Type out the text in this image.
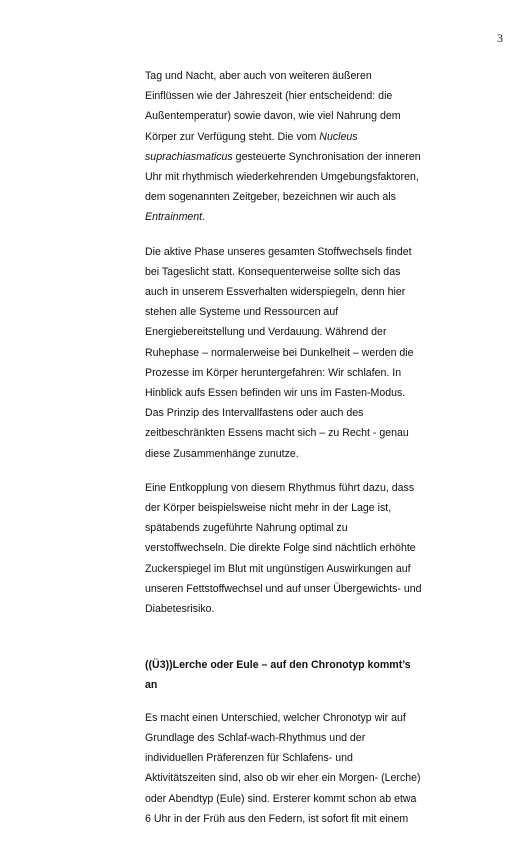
3
Tag und Nacht, aber auch von weiteren äußeren
Einflüssen wie der Jahreszeit (hier entscheidend: die
Außentemperatur) sowie davon, wie viel Nahrung dem
Körper zur Verfügung steht. Die vom Nucleus
suprachiasmaticus gesteuerte Synchronisation der inneren
Uhr mit rhythmisch wiederkehrenden Umgebungsfaktoren,
dem sogenannten Zeitgeber, bezeichnen wir auch als
Entrainment.
Die aktive Phase unseres gesamten Stoffwechsels findet
bei Tageslicht statt. Konsequenterweise sollte sich das
auch in unserem Essverhalten widerspiegeln, denn hier
stehen alle Systeme und Ressourcen auf
Energiebereitstellung und Verdauung. Während der
Ruhephase – normalerweise bei Dunkelheit – werden die
Prozesse im Körper heruntergefahren: Wir schlafen. In
Hinblick aufs Essen befinden wir uns im Fasten-Modus.
Das Prinzip des Intervallfastens oder auch des
zeitbeschränkten Essens macht sich – zu Recht - genau
diese Zusammenhänge zunutze.
Eine Entkopplung von diesem Rhythmus führt dazu, dass
der Körper beispielsweise nicht mehr in der Lage ist,
spätabends zugeführte Nahrung optimal zu
verstoffwechseln. Die direkte Folge sind nächtlich erhöhte
Zuckerspiegel im Blut mit ungünstigen Auswirkungen auf
unseren Fettstoffwechsel und auf unser Übergewichts- und
Diabetesrisiko.
((Ü3))Lerche oder Eule – auf den Chronotyp kommt’s
an
Es macht einen Unterschied, welcher Chronotyp wir auf
Grundlage des Schlaf-wach-Rhythmus und der
individuellen Präferenzen für Schlafens- und
Aktivitätszeiten sind, also ob wir eher ein Morgen- (Lerche)
oder Abendtyp (Eule) sind. Ersterer kommt schon ab etwa
6 Uhr in der Früh aus den Federn, ist sofort fit mit einem
